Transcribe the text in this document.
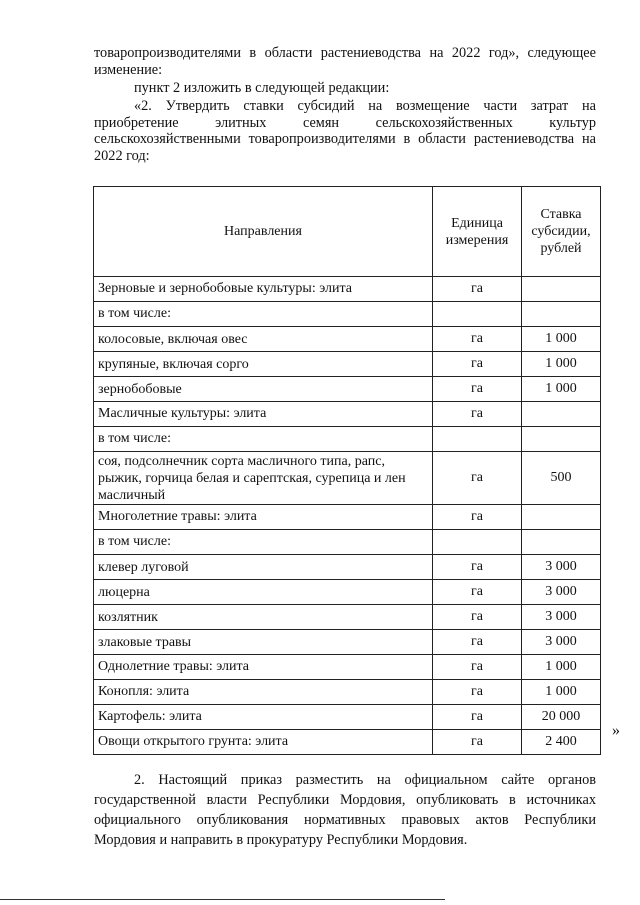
товаропроизводителями в области растениеводства на 2022 год», следующее изменение:
пункт 2 изложить в следующей редакции:
«2. Утвердить ставки субсидий на возмещение части затрат на приобретение элитных семян сельскохозяйственных культур сельскохозяйственными товаропроизводителями в области растениеводства на 2022 год:
Направления	Единица измерения	Ставка субсидии, рублей
Зерновые и зернобобовые культуры: элита	га	
в том числе:		
колосовые, включая овес	га	1 000
крупяные, включая сорго	га	1 000
зернобобовые	га	1 000
Масличные культуры: элита	га	
в том числе:		
соя, подсолнечник сорта масличного типа, рапс, рыжик, горчица белая и сарептская, сурепица и лен масличный	га	500
Многолетние травы: элита	га	
в том числе:		
клевер луговой	га	3 000
люцерна	га	3 000
козлятник	га	3 000
злаковые травы	га	3 000
Однолетние травы: элита	га	1 000
Конопля: элита	га	1 000
Картофель: элита	га	20 000
Овощи открытого грунта: элита	га	2 400
»
2. Настоящий приказ разместить на официальном сайте органов государственной власти Республики Мордовия, опубликовать в источниках официального опубликования нормативных правовых актов Республики Мордовия и направить в прокуратуру Республики Мордовия.
